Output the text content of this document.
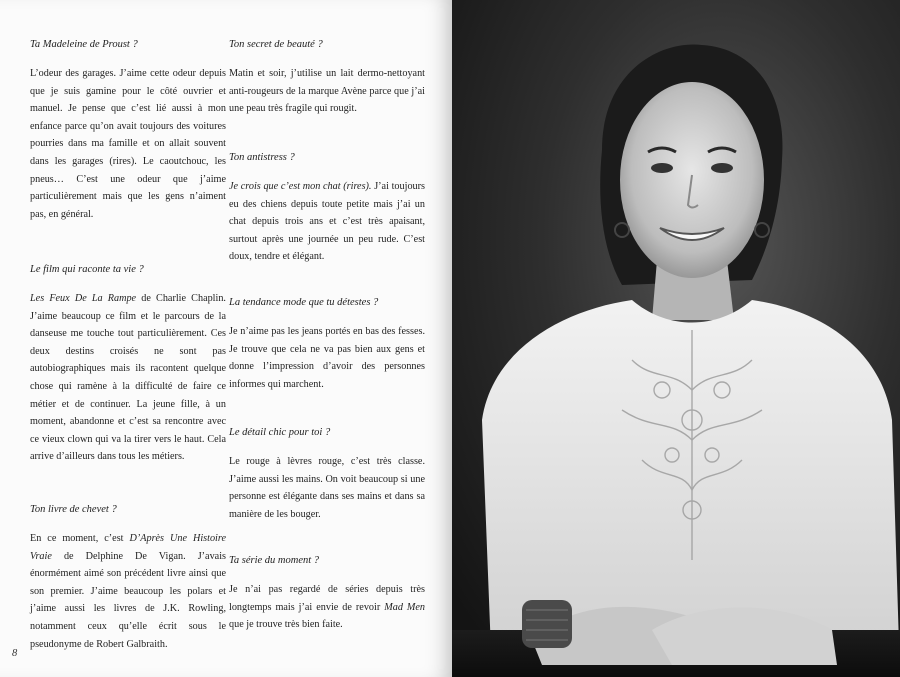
Ta Madeleine de Proust ?

L’odeur des garages. J’aime cette odeur depuis que je suis gamine pour le côté ouvrier et manuel. Je pense que c’est lié aussi à mon enfance parce qu’on avait toujours des voitures pourries dans ma famille et on allait souvent dans les garages (rires). Le caoutchouc, les pneus… C’est une odeur que j’aime particulièrement mais que les gens n’aiment pas, en général.

Le film qui raconte ta vie ?

Les Feux De La Rampe de Charlie Chaplin. J’aime beaucoup ce film et le parcours de la danseuse me touche tout particulièrement. Ces deux destins croisés ne sont pas autobiographiques mais ils racontent quelque chose qui ramène à la difficulté de faire ce métier et de continuer. La jeune fille, à un moment, abandonne et c’est sa rencontre avec ce vieux clown qui va la tirer vers le haut. Cela arrive d’ailleurs dans tous les métiers.

Ton livre de chevet ?

En ce moment, c’est D’Après Une Histoire Vraie de Delphine De Vigan. J’avais énormément aimé son précédent livre ainsi que son premier. J’aime beaucoup les polars et j’aime aussi les livres de J.K. Rowling, notamment ceux qu’elle écrit sous le pseudonyme de Robert Galbraith.

Ton secret de beauté ?

Matin et soir, j’utilise un lait dermo-nettoyant anti-rougeurs de la marque Avène parce que j’ai une peau très fragile qui rougit.

Ton antistress ?

Je crois que c’est mon chat (rires). J’ai toujours eu des chiens depuis toute petite mais j’ai un chat depuis trois ans et c’est très apaisant, surtout après une journée un peu rude. C’est doux, tendre et élégant.

La tendance mode que tu détestes ?

Je n’aime pas les jeans portés en bas des fesses. Je trouve que cela ne va pas bien aux gens et donne l’impression d’avoir des personnes informes qui marchent.

Le détail chic pour toi ?

Le rouge à lèvres rouge, c’est très classe. J’aime aussi les mains. On voit beaucoup si une personne est élégante dans ses mains et dans sa manière de les bouger.

Ta série du moment ?

Je n’ai pas regardé de séries depuis très longtemps mais j’ai envie de revoir Mad Men que je trouve très bien faite.

8
